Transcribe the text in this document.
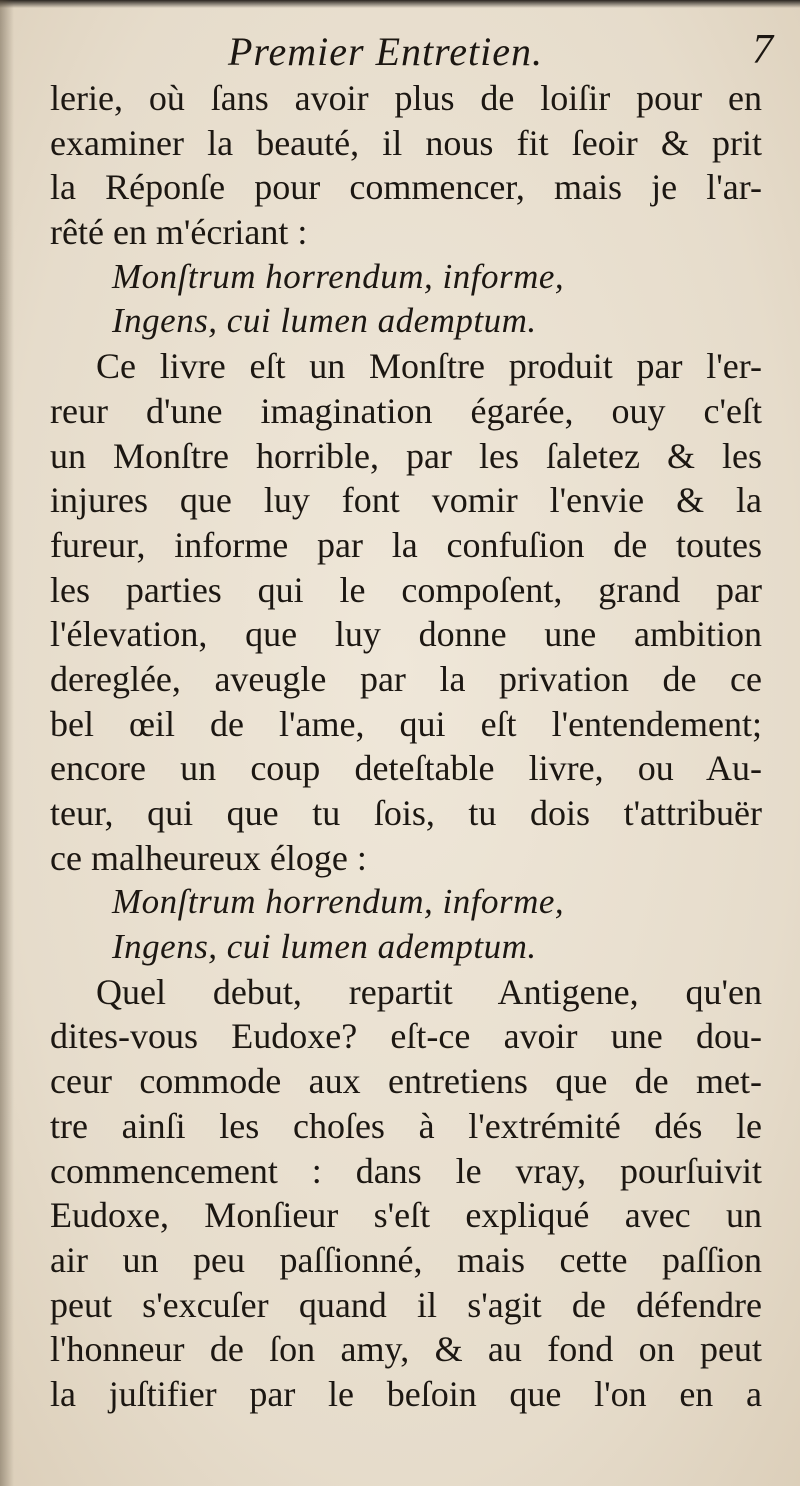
Premier Entretien.	7
lerie, où ſans avoir plus de loiſir pour en
examiner la beauté, il nous fit ſeoir & prit
la Réponſe pour commencer, mais je l'ar-
rêté en m'écriant :
Monſtrum horrendum, informe,
Ingens, cui lumen ademptum.
Ce livre eſt un Monſtre produit par l'er-
reur d'une imagination égarée, ouy c'eſt
un Monſtre horrible, par les ſaletez & les
injures que luy font vomir l'envie & la
fureur, informe par la confuſion de toutes
les parties qui le compoſent, grand par
l'élevation, que luy donne une ambition
dereglée, aveugle par la privation de ce
bel œil de l'ame, qui eſt l'entendement;
encore un coup deteſtable livre, ou Au-
teur, qui que tu ſois, tu dois t'attribuër
ce malheureux éloge :
Monſtrum horrendum, informe,
Ingens, cui lumen ademptum.
Quel debut, repartit Antigene, qu'en
dites-vous Eudoxe? eſt-ce avoir une dou-
ceur commode aux entretiens que de met-
tre ainſi les choſes à l'extrémité dés le
commencement : dans le vray, pourſuivit
Eudoxe, Monſieur s'eſt expliqué avec un
air un peu paſſionné, mais cette paſſion
peut s'excuſer quand il s'agit de défendre
l'honneur de ſon amy, & au fond on peut
la juſtifier par le beſoin que l'on en a
